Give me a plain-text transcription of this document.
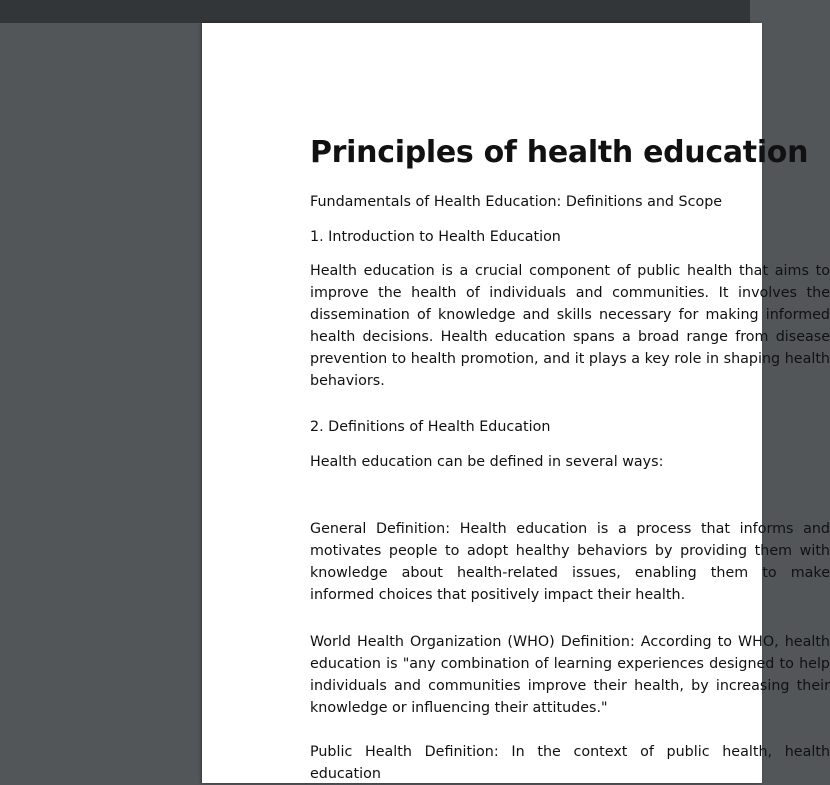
Principles of health education
Fundamentals of Health Education: Definitions and Scope
1. Introduction to Health Education
Health education is a crucial component of public health that aims to improve the health of individuals and communities. It involves the dissemination of knowledge and skills necessary for making informed health decisions. Health education spans a broad range from disease prevention to health promotion, and it plays a key role in shaping health behaviors.
2. Definitions of Health Education
Health education can be defined in several ways:
General Definition: Health education is a process that informs and motivates people to adopt healthy behaviors by providing them with knowledge about health-related issues, enabling them to make informed choices that positively impact their health.
World Health Organization (WHO) Definition: According to WHO, health education is "any combination of learning experiences designed to help individuals and communities improve their health, by increasing their knowledge or influencing their attitudes."
Public Health Definition: In the context of public health, health education
